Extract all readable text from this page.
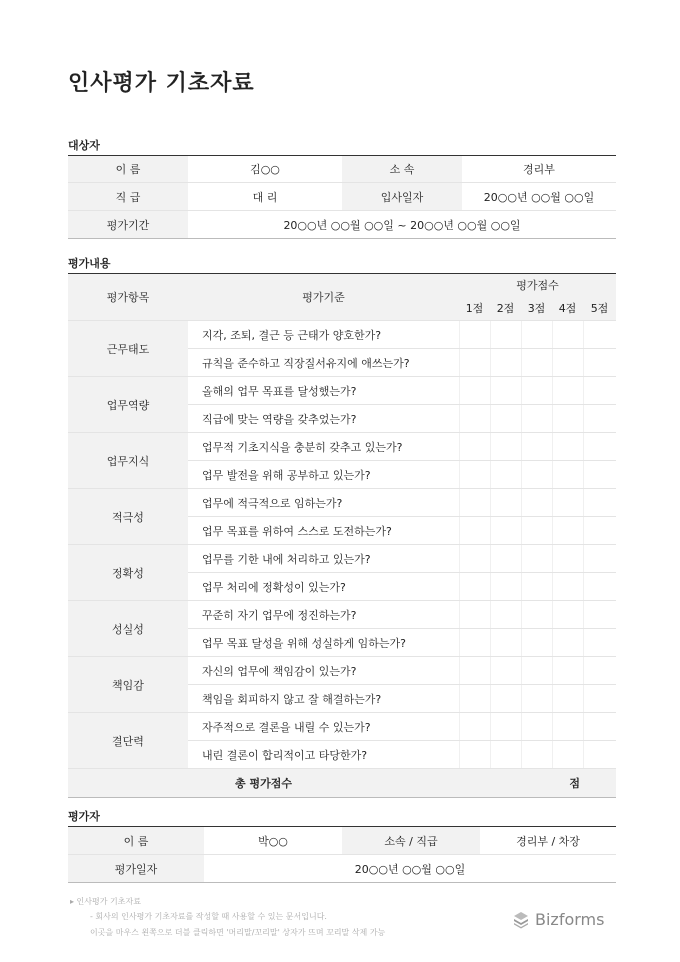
인사평가 기초자료
대상자
이 름	김○○	소 속	경리부
직 급	대 리	입사일자	20○○년 ○○월 ○○일
평가기간	20○○년 ○○월 ○○일 ~ 20○○년 ○○월 ○○일		
평가내용
평가항목	평가기준	평가점수				
		1점	2점	3점	4점	5점
근무태도	지각, 조퇴, 결근 등 근태가 양호한가?					
	규칙을 준수하고 직장질서유지에 애쓰는가?					
업무역량	올해의 업무 목표를 달성했는가?					
	직급에 맞는 역량을 갖추었는가?					
업무지식	업무적 기초지식을 충분히 갖추고 있는가?					
	업무 발전을 위해 공부하고 있는가?					
적극성	업무에 적극적으로 임하는가?					
	업무 목표를 위하여 스스로 도전하는가?					
정확성	업무를 기한 내에 처리하고 있는가?					
	업무 처리에 정확성이 있는가?					
성실성	꾸준히 자기 업무에 정진하는가?					
	업무 목표 달성을 위해 성실하게 임하는가?					
책임감	자신의 업무에 책임감이 있는가?					
	책임을 회피하지 않고 잘 해결하는가?					
결단력	자주적으로 결론을 내릴 수 있는가?					
	내린 결론이 합리적이고 타당한가?					
총 평가점수		점				
평가자
이 름	박○○	소속 / 직급	경리부 / 차장
평가일자	20○○년 ○○월 ○○일		
▸ 인사평가 기초자료
- 회사의 인사평가 기초자료를 작성할 때 사용할 수 있는 문서입니다.
이곳을 마우스 왼쪽으로 더블 클릭하면 '머리말/꼬리말' 상자가 뜨며 꼬리말 삭제 가능
Bizforms
